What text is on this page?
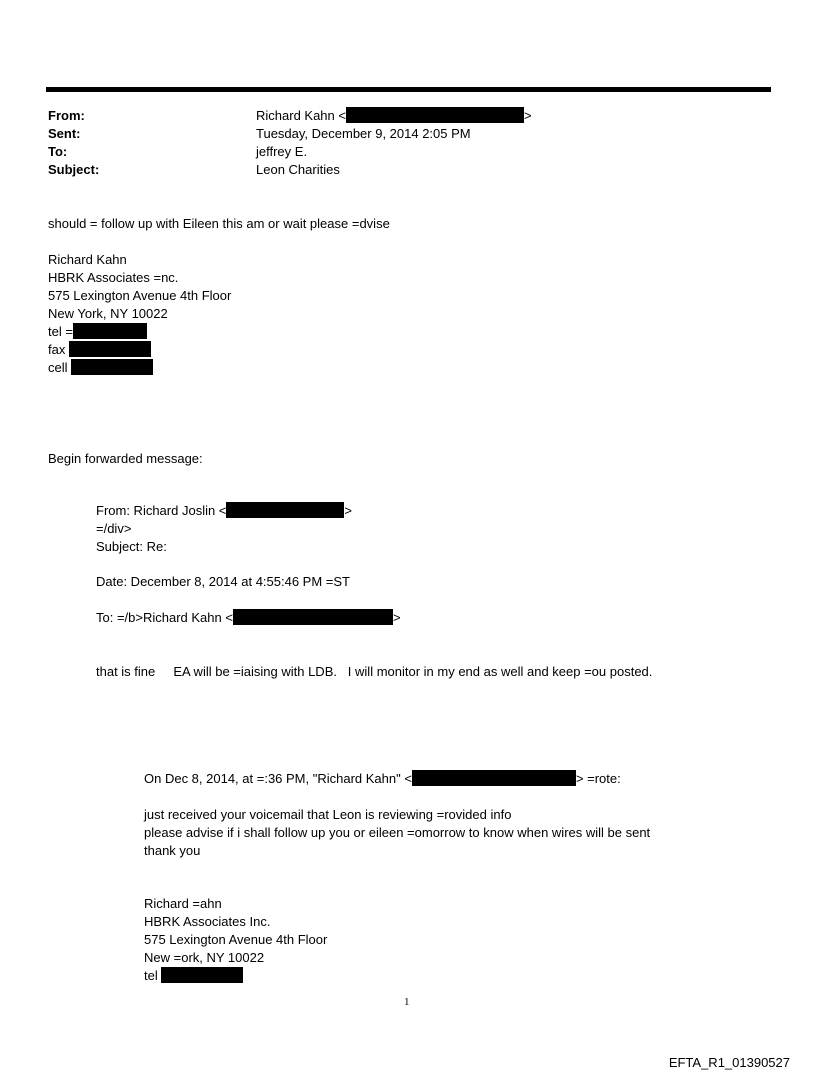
From:	Richard Kahn <	>
Sent:	Tuesday, December 9, 2014 2:05 PM
To:	jeffrey E.
Subject:	Leon Charities
should = follow up with Eileen this am or wait please =dvise
Richard Kahn
HBRK Associates =nc.
575 Lexington Avenue 4th Floor
New York, NY 10022
tel =
fax
cell
Begin forwarded message:
From: Richard Joslin <	>
=/div>
Subject: Re:
Date: December 8, 2014 at 4:55:46 PM =ST
To: =/b>Richard Kahn <	>
that is fine     EA will be =iaising with LDB.   I will monitor in my end as well and keep =ou posted.
On Dec 8, 2014, at =:36 PM, "Richard Kahn" <	> =rote:
just received your voicemail that Leon is reviewing =rovided info
please advise if i shall follow up you or eileen =omorrow to know when wires will be sent
thank you
Richard =ahn
HBRK Associates Inc.
575 Lexington Avenue 4th Floor
New =ork, NY 10022
tel
1
EFTA_R1_01390527
